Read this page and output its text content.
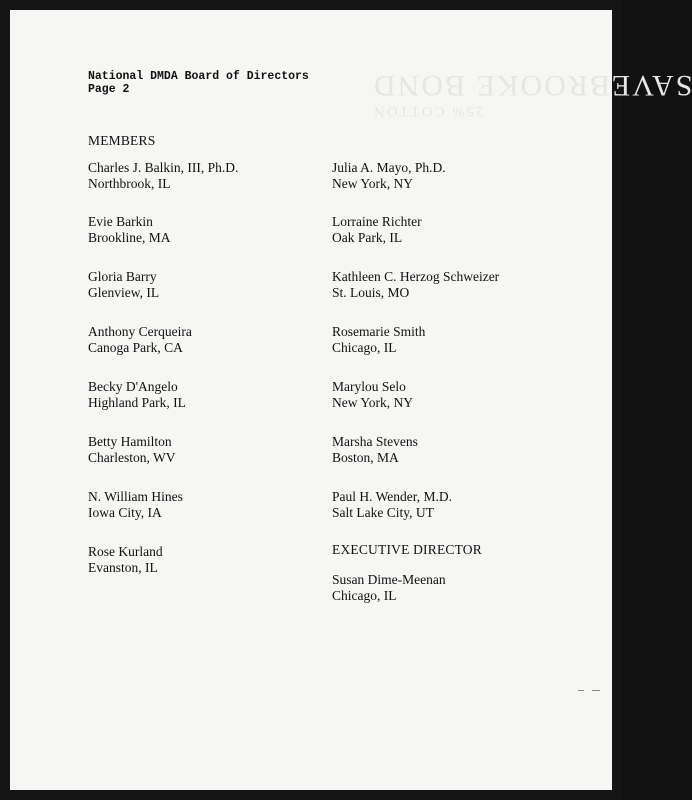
25% COTTON
SAVEBROOKE BOND
National DMDA Board of Directors
Page 2
MEMBERS
Charles J. Balkin, III, Ph.D.
Northbrook, IL
Evie Barkin
Brookline, MA
Gloria Barry
Glenview, IL
Anthony Cerqueira
Canoga Park, CA
Becky D'Angelo
Highland Park, IL
Betty Hamilton
Charleston, WV
N. William Hines
Iowa City, IA
Rose Kurland
Evanston, IL
Julia A. Mayo, Ph.D.
New York, NY
Lorraine Richter
Oak Park, IL
Kathleen C. Herzog Schweizer
St. Louis, MO
Rosemarie Smith
Chicago, IL
Marylou Selo
New York, NY
Marsha Stevens
Boston, MA
Paul H. Wender, M.D.
Salt Lake City, UT
EXECUTIVE DIRECTOR
Susan Dime-Meenan
Chicago, IL
